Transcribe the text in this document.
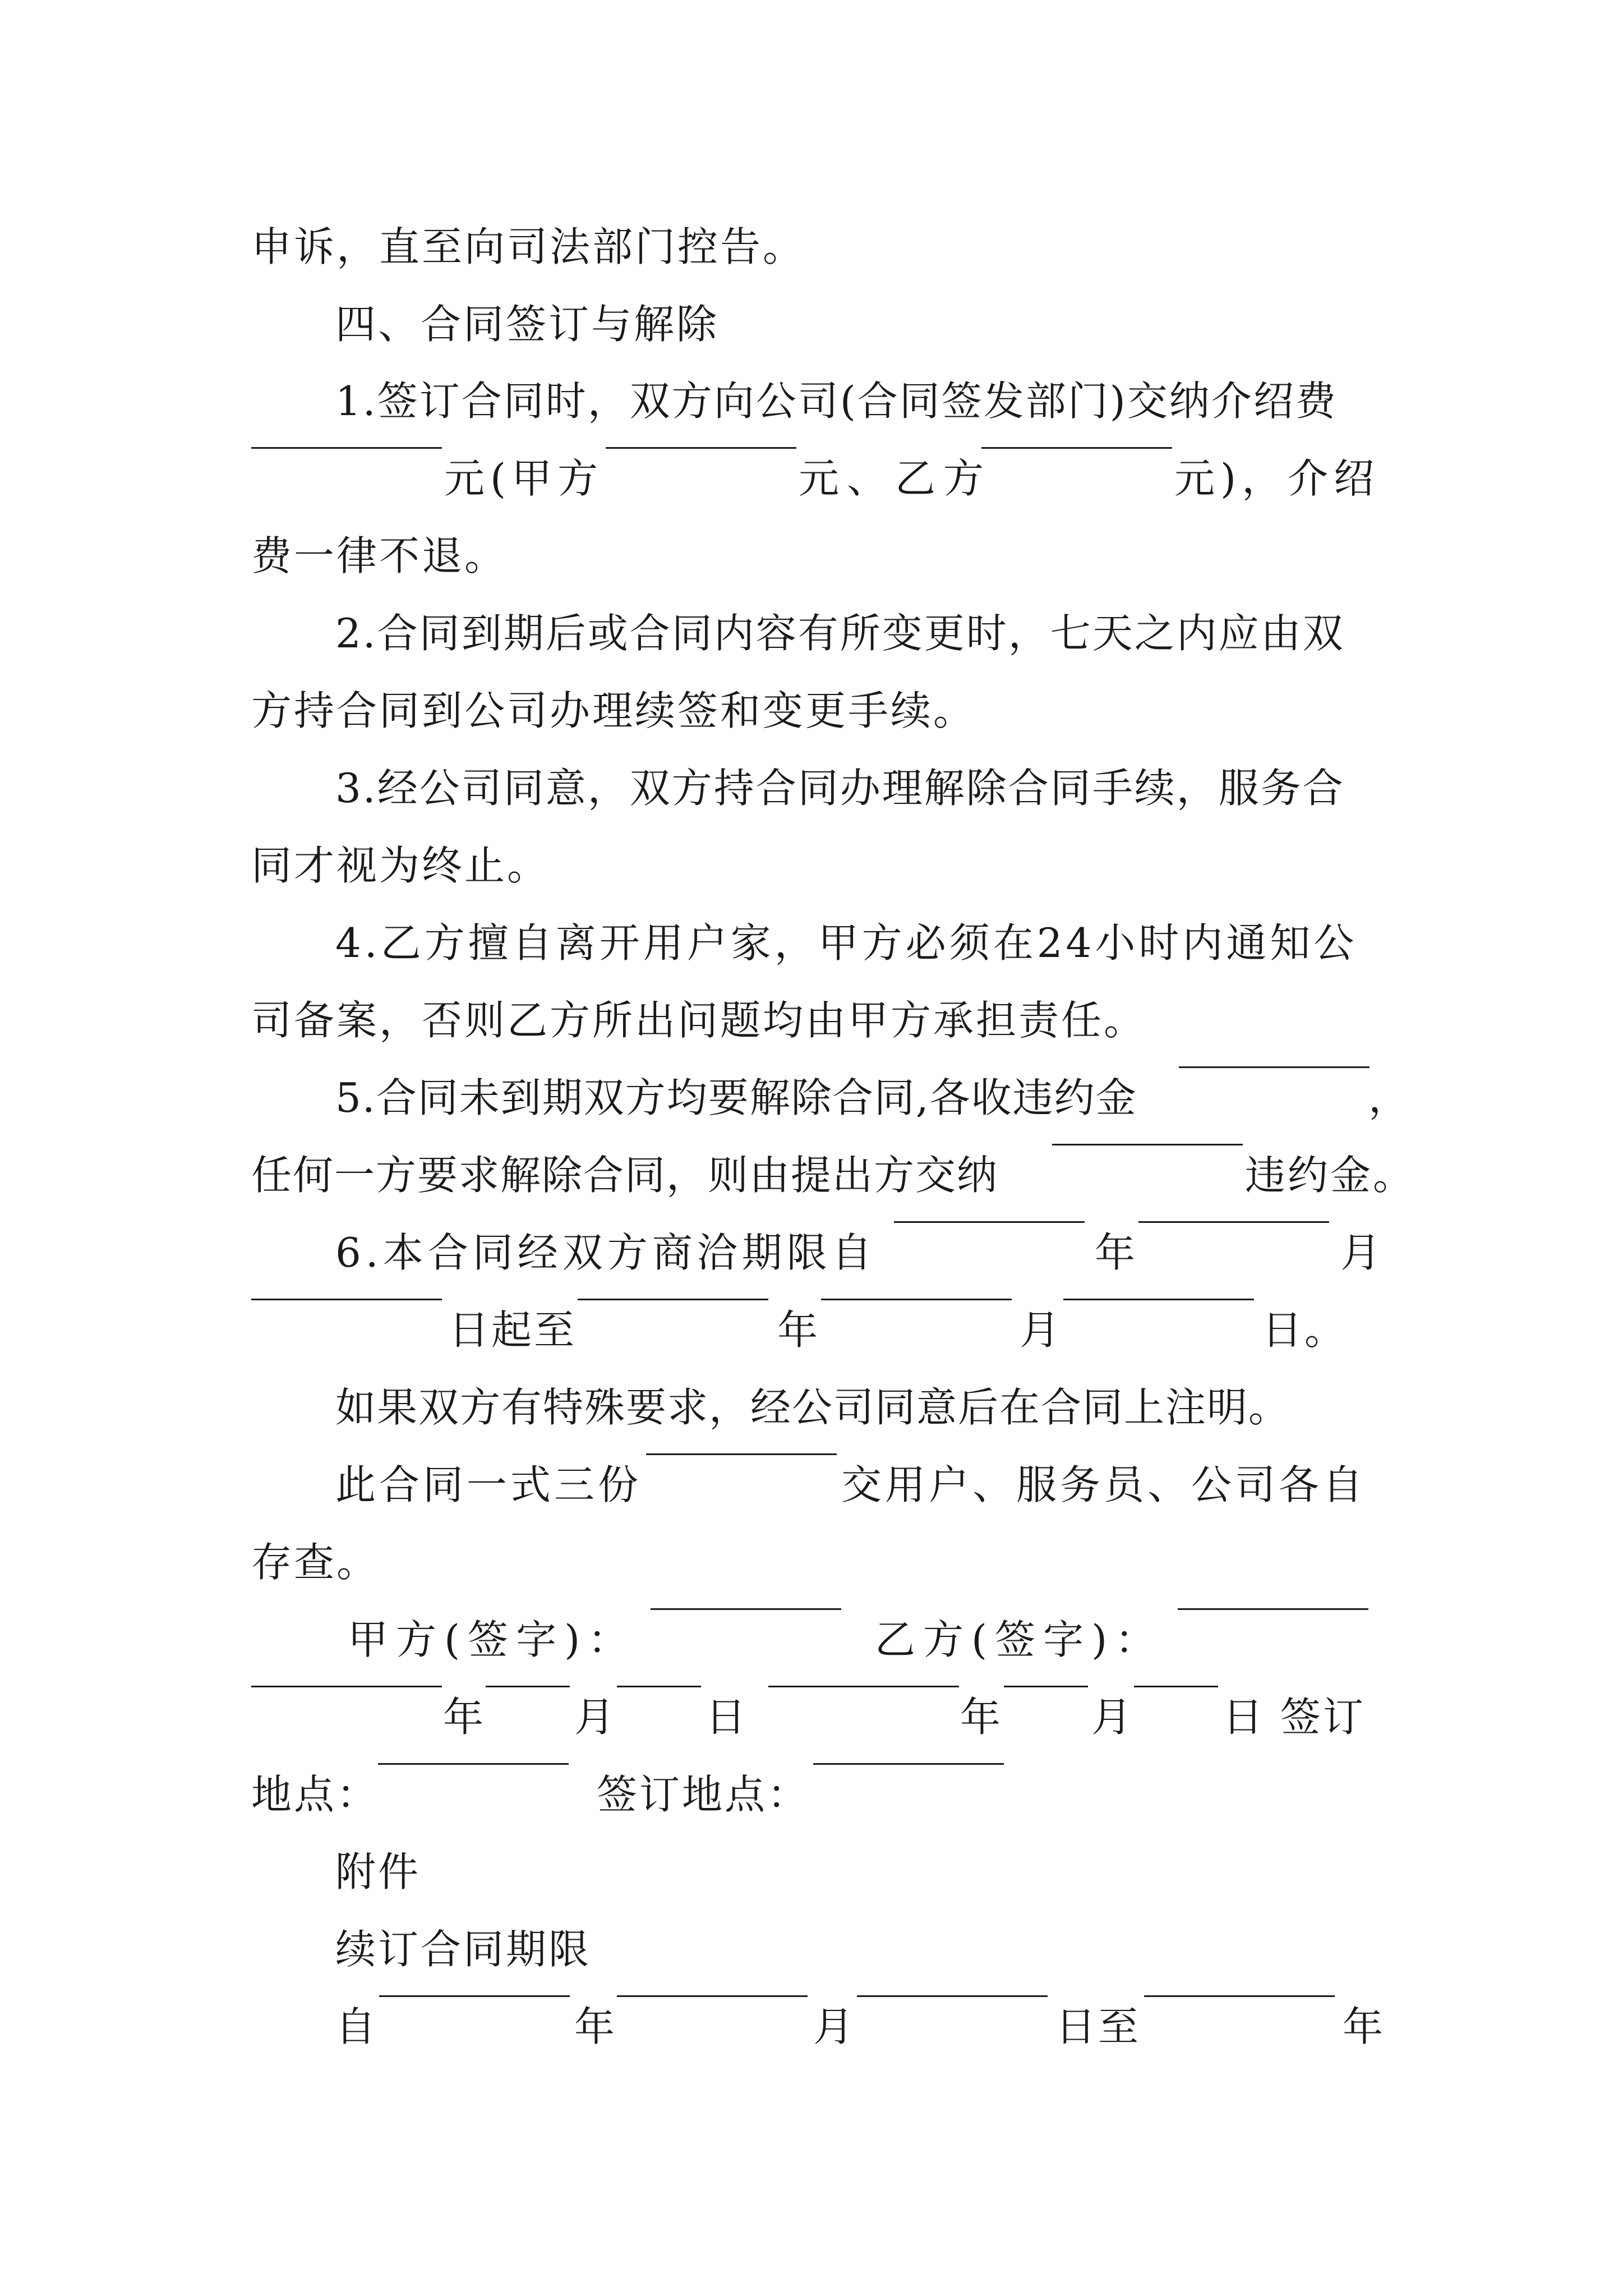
申诉，直至向司法部门控告。
四、合同签订与解除
1.签订合同时，双方向公司(合同签发部门)交纳介绍费
元(甲方	元、乙方	元)，介绍
费一律不退。
2.合同到期后或合同内容有所变更时，七天之内应由双
方持合同到公司办理续签和变更手续。
3.经公司同意，双方持合同办理解除合同手续，服务合
同才视为终止。
4.乙方擅自离开用户家，甲方必须在24小时内通知公
司备案，否则乙方所出问题均由甲方承担责任。
5.合同未到期双方均要解除合同,各收违约金	，
任何一方要求解除合同，则由提出方交纳	违约金。
6.本合同经双方商洽期限自	年	月
日起至	年	月	日。
如果双方有特殊要求，经公司同意后在合同上注明。
此合同一式三份	交用户、服务员、公司各自
存查。
甲方(签字)：	乙方(签字)：
年 月 日	年 月 日 签订
地点：	签订地点：
附件
续订合同期限
自	年	月	日至	年
